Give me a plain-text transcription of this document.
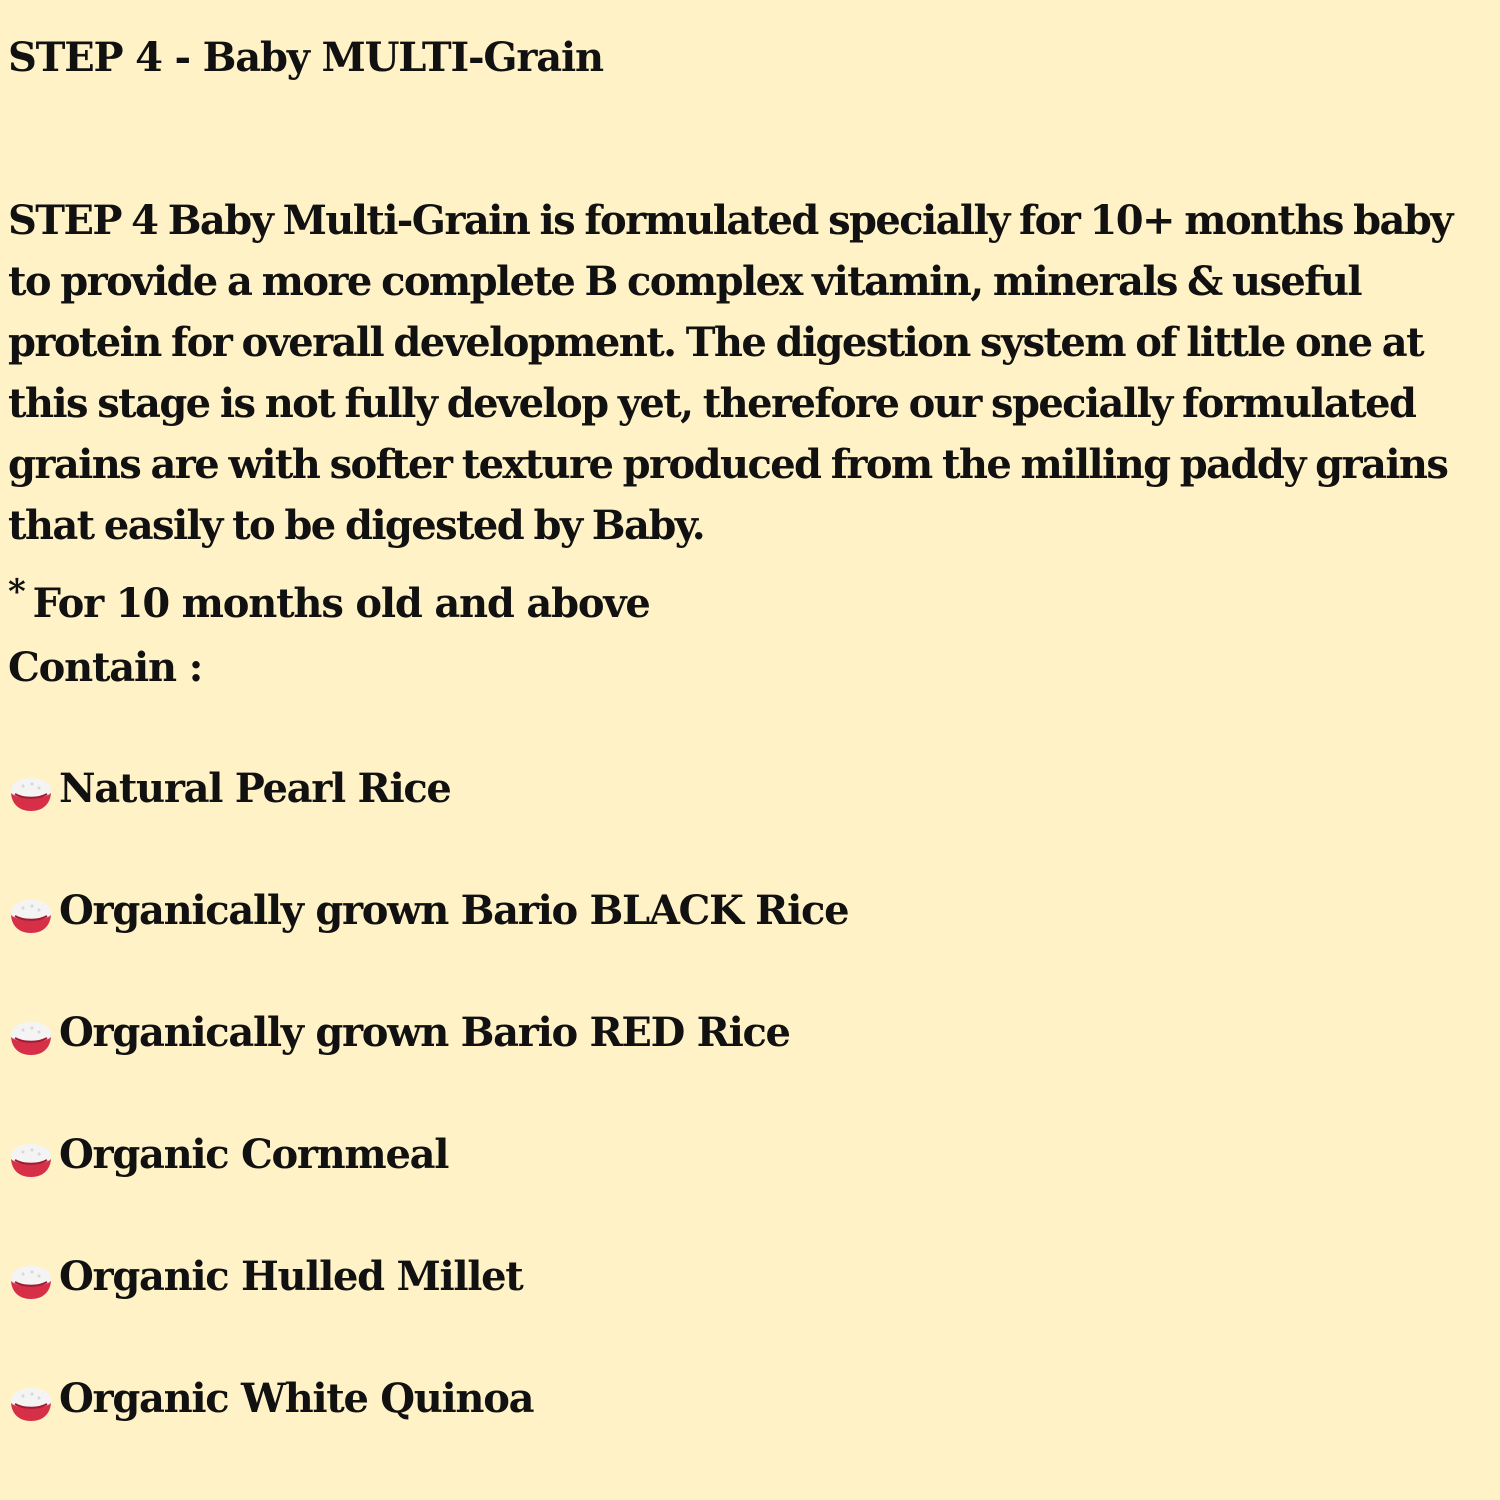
STEP 4 - Baby MULTI-Grain

STEP 4 Baby Multi-Grain is formulated specially for 10+ months baby to provide a more complete B complex vitamin, minerals & useful protein for overall development. The digestion system of little one at this stage is not fully develop yet, therefore our specially formulated grains are with softer texture produced from the milling paddy grains that easily to be digested by Baby.

* For 10 months old and above
Contain :
Natural Pearl Rice
Organically grown Bario BLACK Rice
Organically grown Bario RED Rice
Organic Cornmeal
Organic Hulled Millet
Organic White Quinoa
